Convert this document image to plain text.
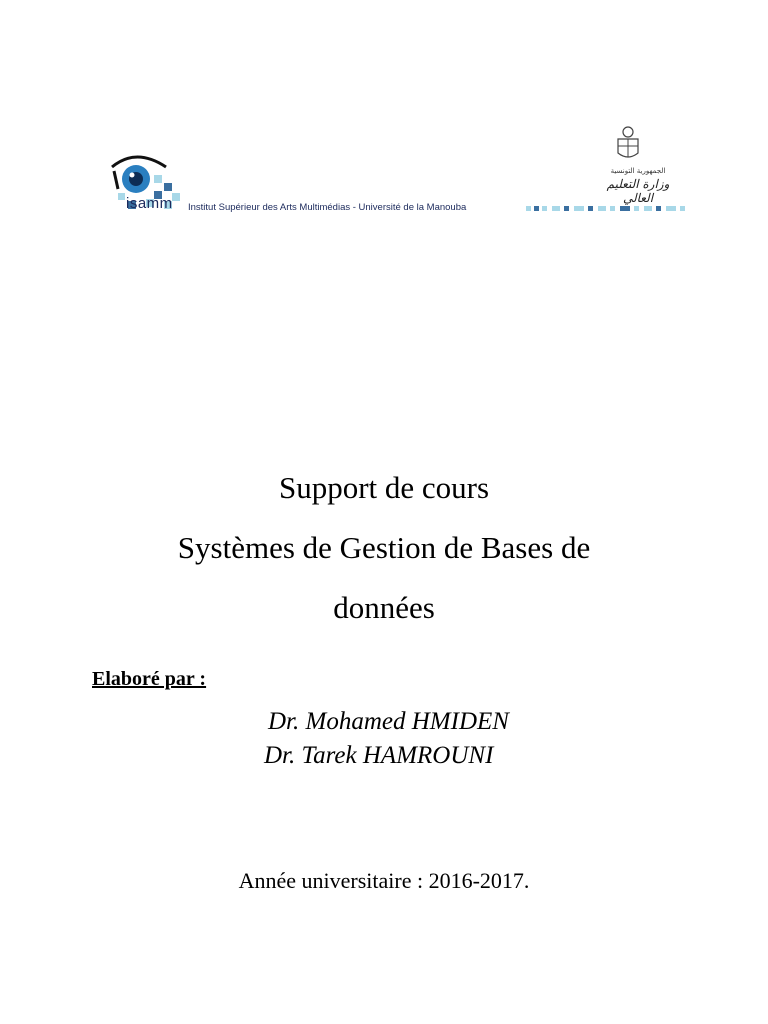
isamm Institut Supérieur des Arts Multimédias - Université de la Manouba
الجمهورية التونسية
وزارة التعليم العالي
Support de cours
Systèmes de Gestion de Bases de
données
Elaboré par :
Dr. Mohamed HMIDEN
Dr. Tarek HAMROUNI
Année universitaire : 2016-2017.
